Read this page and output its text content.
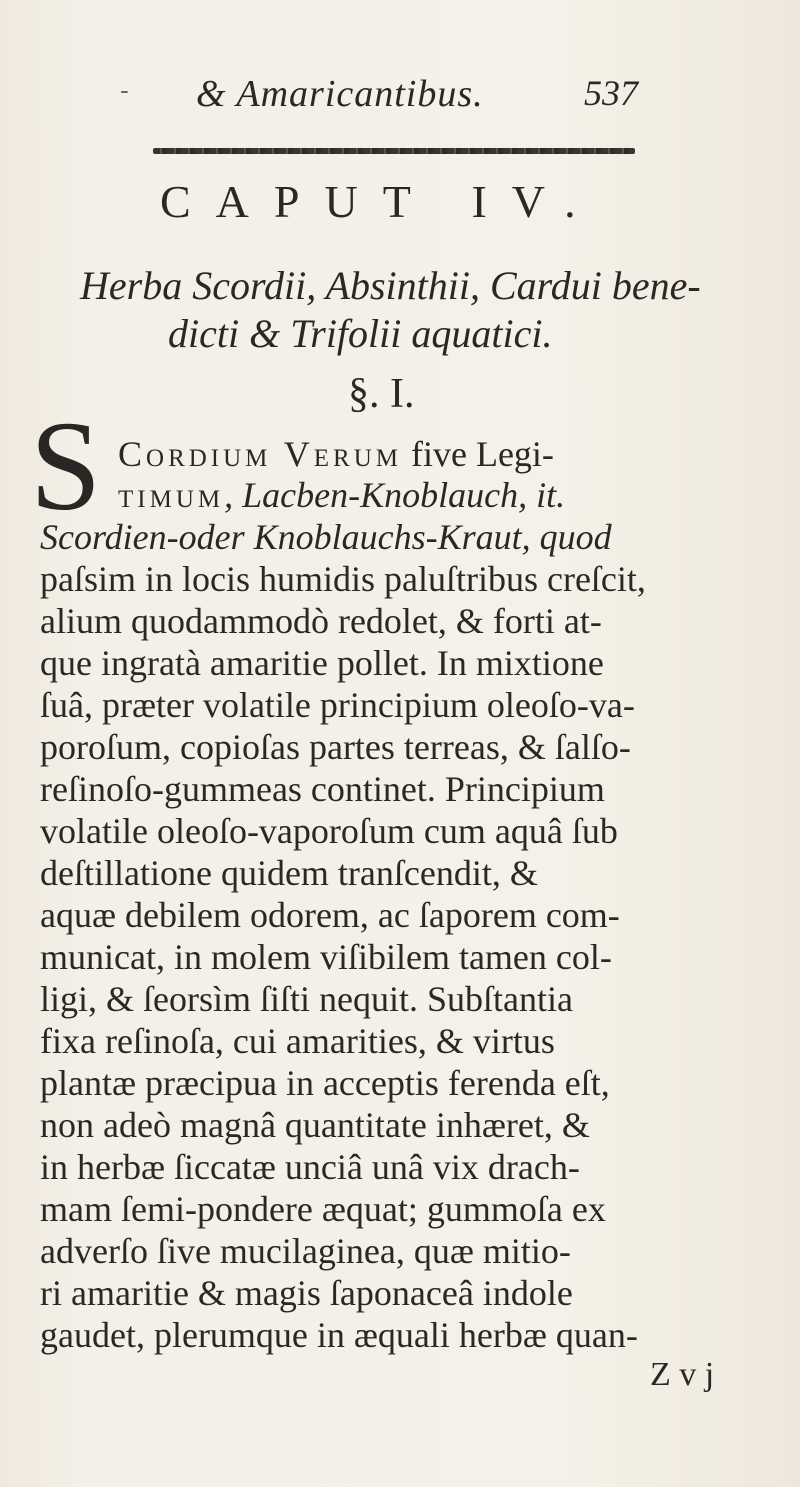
- & Amaricantibus.	537
CAPUT IV.
Herba Scordii, Absinthii, Cardui bene-
dicti & Trifolii aquatici.
§. I.
S Cordium Verum five Legi-
timum, Lacben-Knoblauch, it.
Scordien-oder Knoblauchs-Kraut, quod
paſsim in locis humidis paluſtribus creſcit,
alium quodammodò redolet, & forti at-
que ingratà amaritie pollet. In mixtione
ſuâ, præter volatile principium oleoſo-va-
poroſum, copioſas partes terreas, & ſalſo-
reſinoſo-gummeas continet. Principium
volatile oleoſo-vaporoſum cum aquâ ſub
deſtillatione quidem tranſcendit, &
aquæ debilem odorem, ac ſaporem com-
municat, in molem viſibilem tamen col-
ligi, & ſeorsìm ſiſti nequit. Subſtantia
fixa reſinoſa, cui amarities, & virtus
plantæ præcipua in acceptis ferenda eſt,
non adeò magnâ quantitate inhæret, &
in herbæ ſiccatæ unciâ unâ vix drach-
mam ſemi-pondere æquat; gummoſa ex
adverſo ſive mucilaginea, quæ mitio-
ri amaritie & magis ſaponaceâ indole
gaudet, plerumque in æquali herbæ quan-
Z v j
